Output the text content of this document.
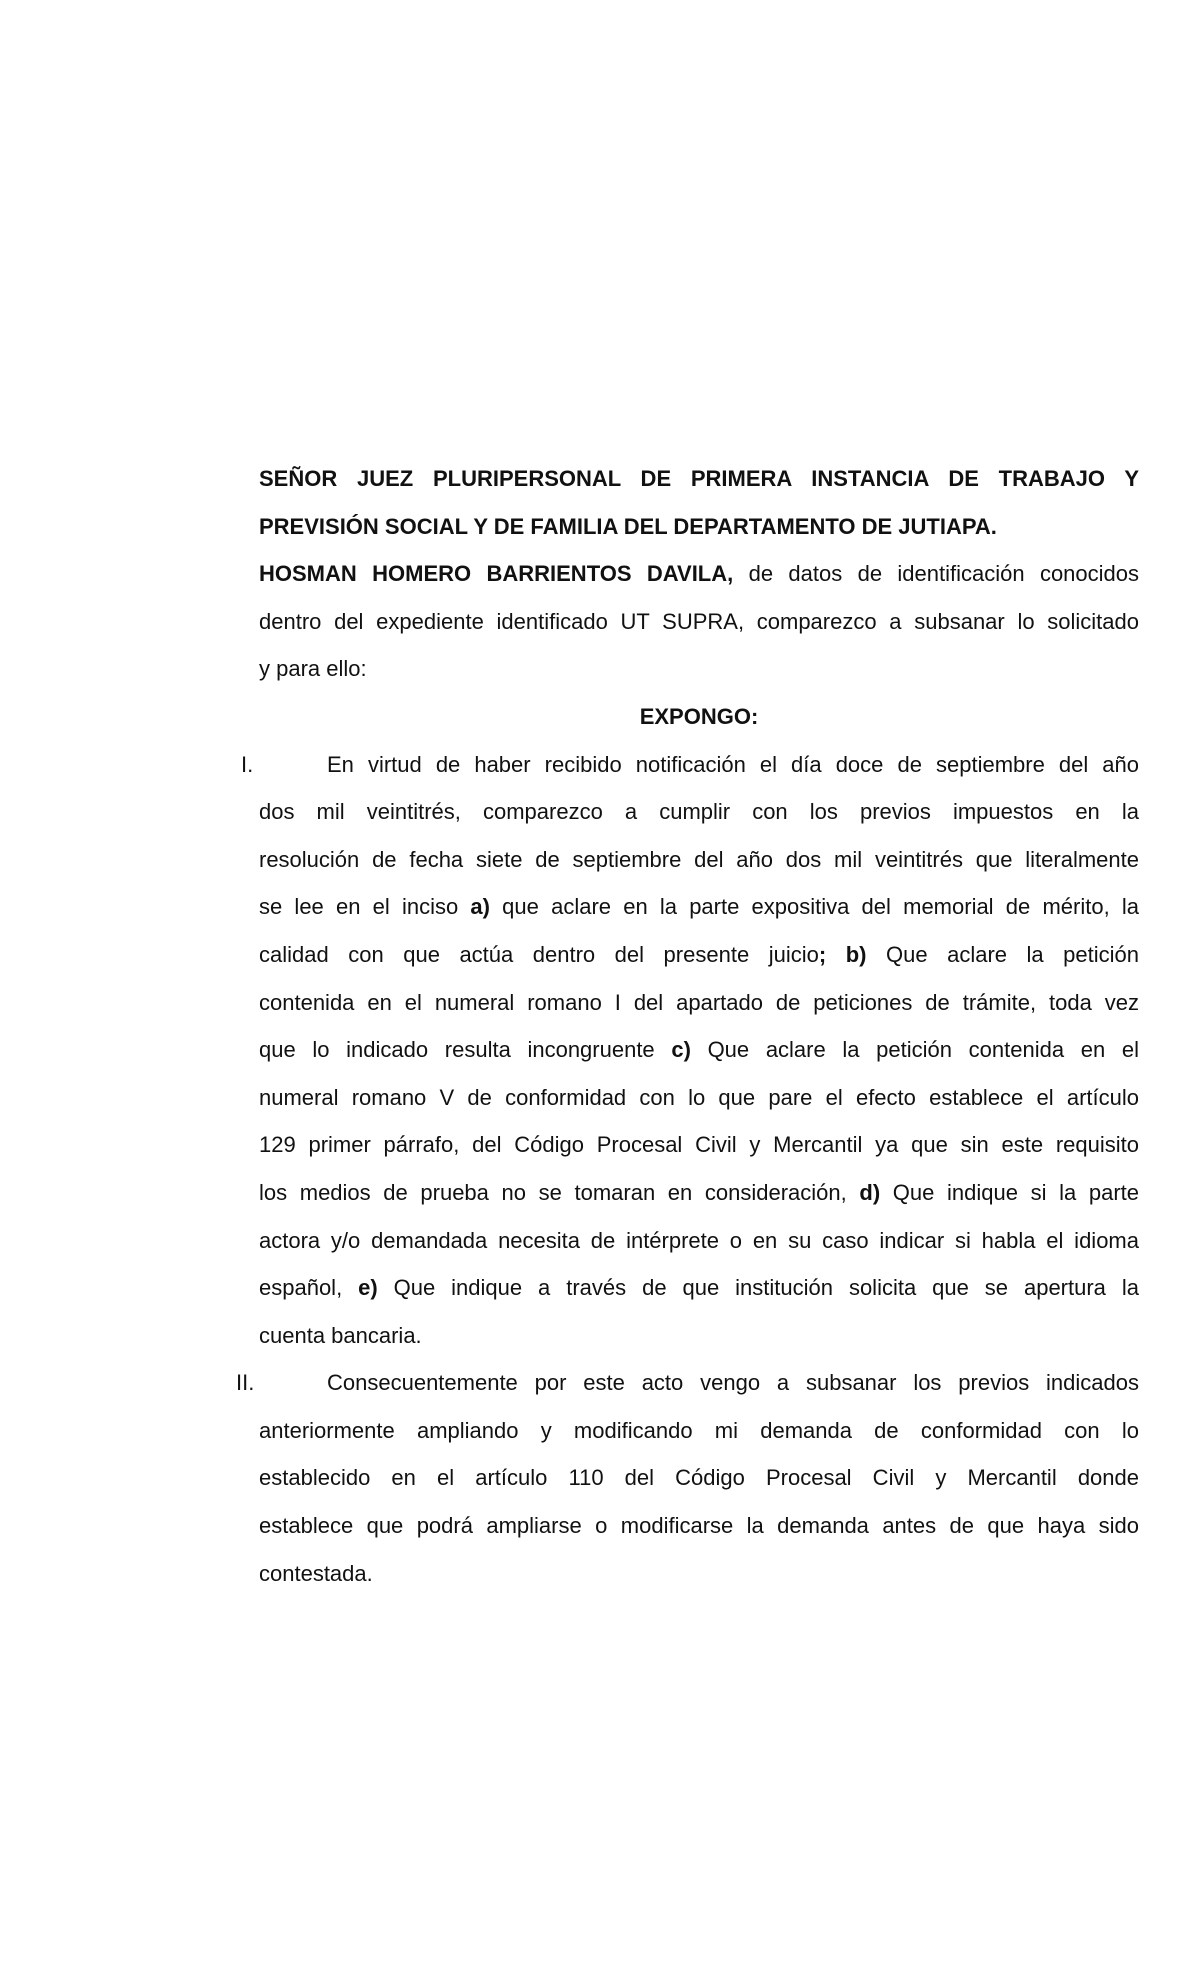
SEÑOR JUEZ PLURIPERSONAL DE PRIMERA INSTANCIA DE TRABAJO Y
PREVISIÓN SOCIAL Y DE FAMILIA DEL DEPARTAMENTO DE JUTIAPA.
HOSMAN HOMERO BARRIENTOS DAVILA, de datos de identificación conocidos
dentro del expediente identificado UT SUPRA, comparezco a subsanar lo solicitado
y para ello:
EXPONGO:
I.	En virtud de haber recibido notificación el día doce de septiembre del año
dos mil veintitrés, comparezco a cumplir con los previos impuestos en la
resolución de fecha siete de septiembre del año dos mil veintitrés que literalmente
se lee en el inciso a) que aclare en la parte expositiva del memorial de mérito, la
calidad con que actúa dentro del presente juicio; b) Que aclare la petición
contenida en el numeral romano I del apartado de peticiones de trámite, toda vez
que lo indicado resulta incongruente c) Que aclare la petición contenida en el
numeral romano V de conformidad con lo que pare el efecto establece el artículo
129 primer párrafo, del Código Procesal Civil y Mercantil ya que sin este requisito
los medios de prueba no se tomaran en consideración, d) Que indique si la parte
actora y/o demandada necesita de intérprete o en su caso indicar si habla el idioma
español, e) Que indique a través de que institución solicita que se apertura la
cuenta bancaria.
II.	Consecuentemente por este acto vengo a subsanar los previos indicados
anteriormente ampliando y modificando mi demanda de conformidad con lo
establecido en el artículo 110 del Código Procesal Civil y Mercantil donde
establece que podrá ampliarse o modificarse la demanda antes de que haya sido
contestada.
